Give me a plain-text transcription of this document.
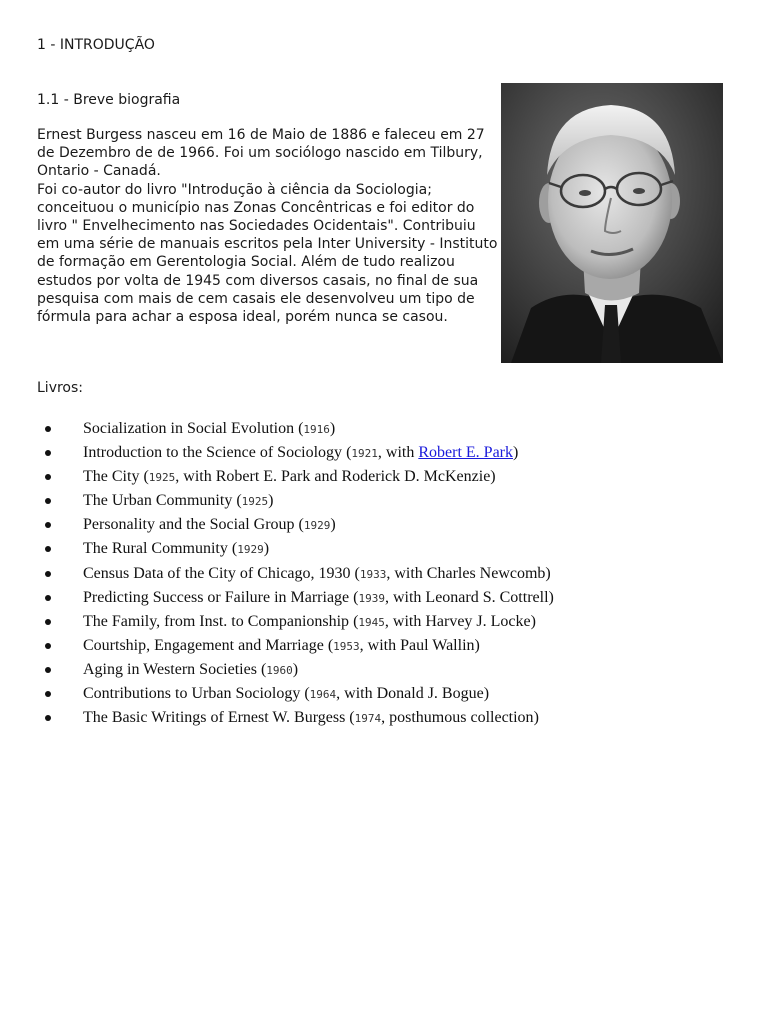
1 - INTRODUÇÃO
1.1 - Breve biografia

Ernest Burgess nasceu em 16 de Maio de 1886 e faleceu em 27 de Dezembro de de 1966. Foi um sociólogo nascido em Tilbury, Ontario - Canadá.

Foi co-autor do livro "Introdução à ciência da Sociologia; conceituou o município nas Zonas Concêntricas e foi editor do livro " Envelhecimento nas Sociedades Ocidentais". Contribuiu em uma série de manuais escritos pela Inter University - Instituto de formação em Gerentologia Social. Além de tudo realizou estudos por volta de 1945 com diversos casais, no final de sua pesquisa com mais de cem casais ele desenvolveu um tipo de fórmula para achar a esposa ideal, porém nunca se casou.

Livros:
Socialization in Social Evolution (1916)
Introduction to the Science of Sociology (1921, with Robert E. Park)
The City (1925, with Robert E. Park and Roderick D. McKenzie)
The Urban Community (1925)
Personality and the Social Group (1929)
The Rural Community (1929)
Census Data of the City of Chicago, 1930 (1933, with Charles Newcomb)
Predicting Success or Failure in Marriage (1939, with Leonard S. Cottrell)
The Family, from Inst. to Companionship (1945, with Harvey J. Locke)
Courtship, Engagement and Marriage (1953, with Paul Wallin)
Aging in Western Societies (1960)
Contributions to Urban Sociology (1964, with Donald J. Bogue)
The Basic Writings of Ernest W. Burgess (1974, posthumous collection)
